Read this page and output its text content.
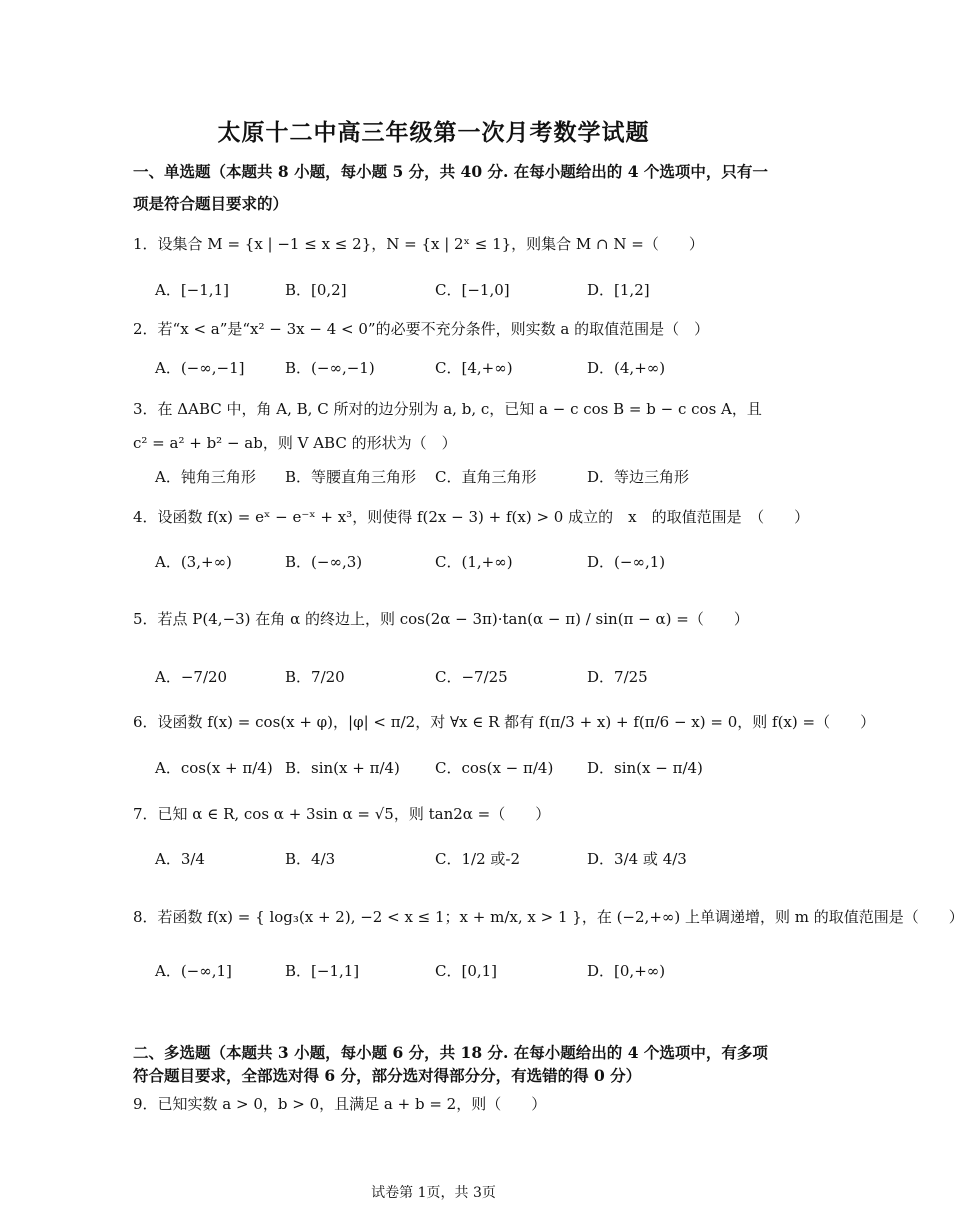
太原十二中高三年级第一次月考数学试题
一、单选题（本题共 8 小题，每小题 5 分，共 40 分. 在每小题给出的 4 个选项中，只有一
项是符合题目要求的）
1．设集合 M = {x | −1 ≤ x ≤ 2}，N = {x | 2ˣ ≤ 1}，则集合 M ∩ N =（　　）
A．[−1,1]	B．[0,2]	C．[−1,0]	D．[1,2]
2．若“x < a”是“x² − 3x − 4 < 0”的必要不充分条件，则实数 a 的取值范围是（　）
A．(−∞,−1]	B．(−∞,−1)	C．[4,+∞)	D．(4,+∞)
3．在 ΔABC 中，角 A, B, C 所对的边分别为 a, b, c，已知 a − c cos B = b − c cos A，且
c² = a² + b² − ab，则 V ABC 的形状为（　）
A．钝角三角形 B．等腰直角三角形 C．直角三角形	D．等边三角形
4．设函数 f(x) = eˣ − e⁻ˣ + x³，则使得 f(2x − 3) + f(x) > 0 成立的　x　的取值范围是　（　　）
A．(3,+∞)	B．(−∞,3)	C．(1,+∞)	D．(−∞,1)
5．若点 P(4,−3) 在角 α 的终边上，则 cos(2α − 3π)·tan(α − π) / sin(π − α) =（　　）
A．−7/20	B．7/20	C．−7/25	D．7/25
6．设函数 f(x) = cos(x + φ)，|φ| < π/2，对 ∀x ∈ R 都有 f(π/3 + x) + f(π/6 − x) = 0，则 f(x) =（　　）
A．cos(x + π/4) B．sin(x + π/4) C．cos(x − π/4) D．sin(x − π/4)
7．已知 α ∈ R, cos α + 3sin α = √5，则 tan2α =（　　）
A．3/4	B．4/3	C．1/2 或-2	D．3/4 或 4/3
8．若函数 f(x) = { log₃(x + 2), −2 < x ≤ 1；x + m/x, x > 1 }，在 (−2,+∞) 上单调递增，则 m 的取值范围是（　　）
A．(−∞,1]	B．[−1,1]	C．[0,1]	D．[0,+∞)
二、多选题（本题共 3 小题，每小题 6 分，共 18 分. 在每小题给出的 4 个选项中，有多项
符合题目要求，全部选对得 6 分，部分选对得部分分，有选错的得 0 分）
9．已知实数 a > 0，b > 0，且满足 a + b = 2，则（　　）
试卷第 1页，共 3页
